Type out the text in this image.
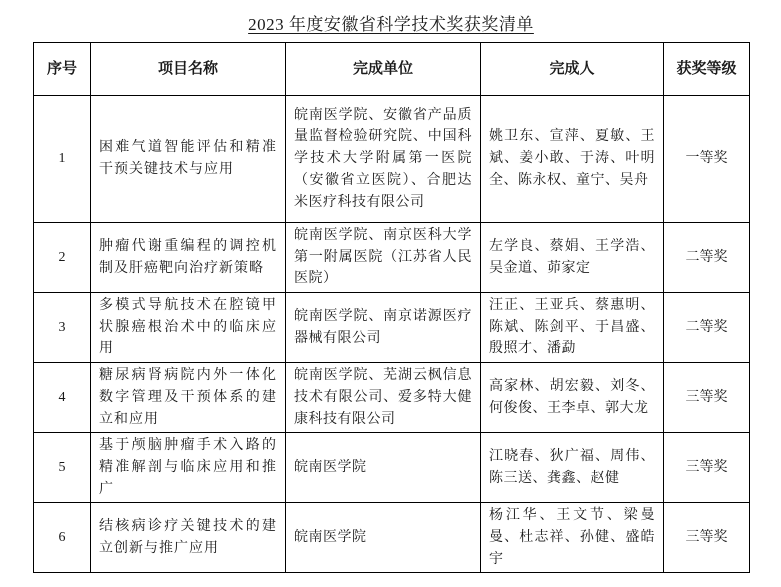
2023 年度安徽省科学技术奖获奖清单
序号	项目名称	完成单位	完成人	获奖等级
1	困难气道智能评估和精准干预关键技术与应用	皖南医学院、安徽省产品质量监督检验研究院、中国科学技术大学附属第一医院（安徽省立医院）、合肥达米医疗科技有限公司	姚卫东、宣萍、夏敏、王斌、姜小敢、于涛、叶明全、陈永权、童宁、吴舟	一等奖
2	肿瘤代谢重编程的调控机制及肝癌靶向治疗新策略	皖南医学院、南京医科大学第一附属医院（江苏省人民医院）	左学良、蔡娟、王学浩、吴金道、茆家定	二等奖
3	多模式导航技术在腔镜甲状腺癌根治术中的临床应用	皖南医学院、南京诺源医疗器械有限公司	汪正、王亚兵、蔡惠明、陈斌、陈剑平、于昌盛、殷照才、潘勐	二等奖
4	糖尿病肾病院内外一体化数字管理及干预体系的建立和应用	皖南医学院、芜湖云枫信息技术有限公司、爱多特大健康科技有限公司	高家林、胡宏毅、刘冬、何俊俊、王李卓、郭大龙	三等奖
5	基于颅脑肿瘤手术入路的精准解剖与临床应用和推广	皖南医学院	江晓春、狄广福、周伟、陈三送、龚鑫、赵健	三等奖
6	结核病诊疗关键技术的建立创新与推广应用	皖南医学院	杨江华、王文节、梁曼曼、杜志祥、孙健、盛皓宇	三等奖
